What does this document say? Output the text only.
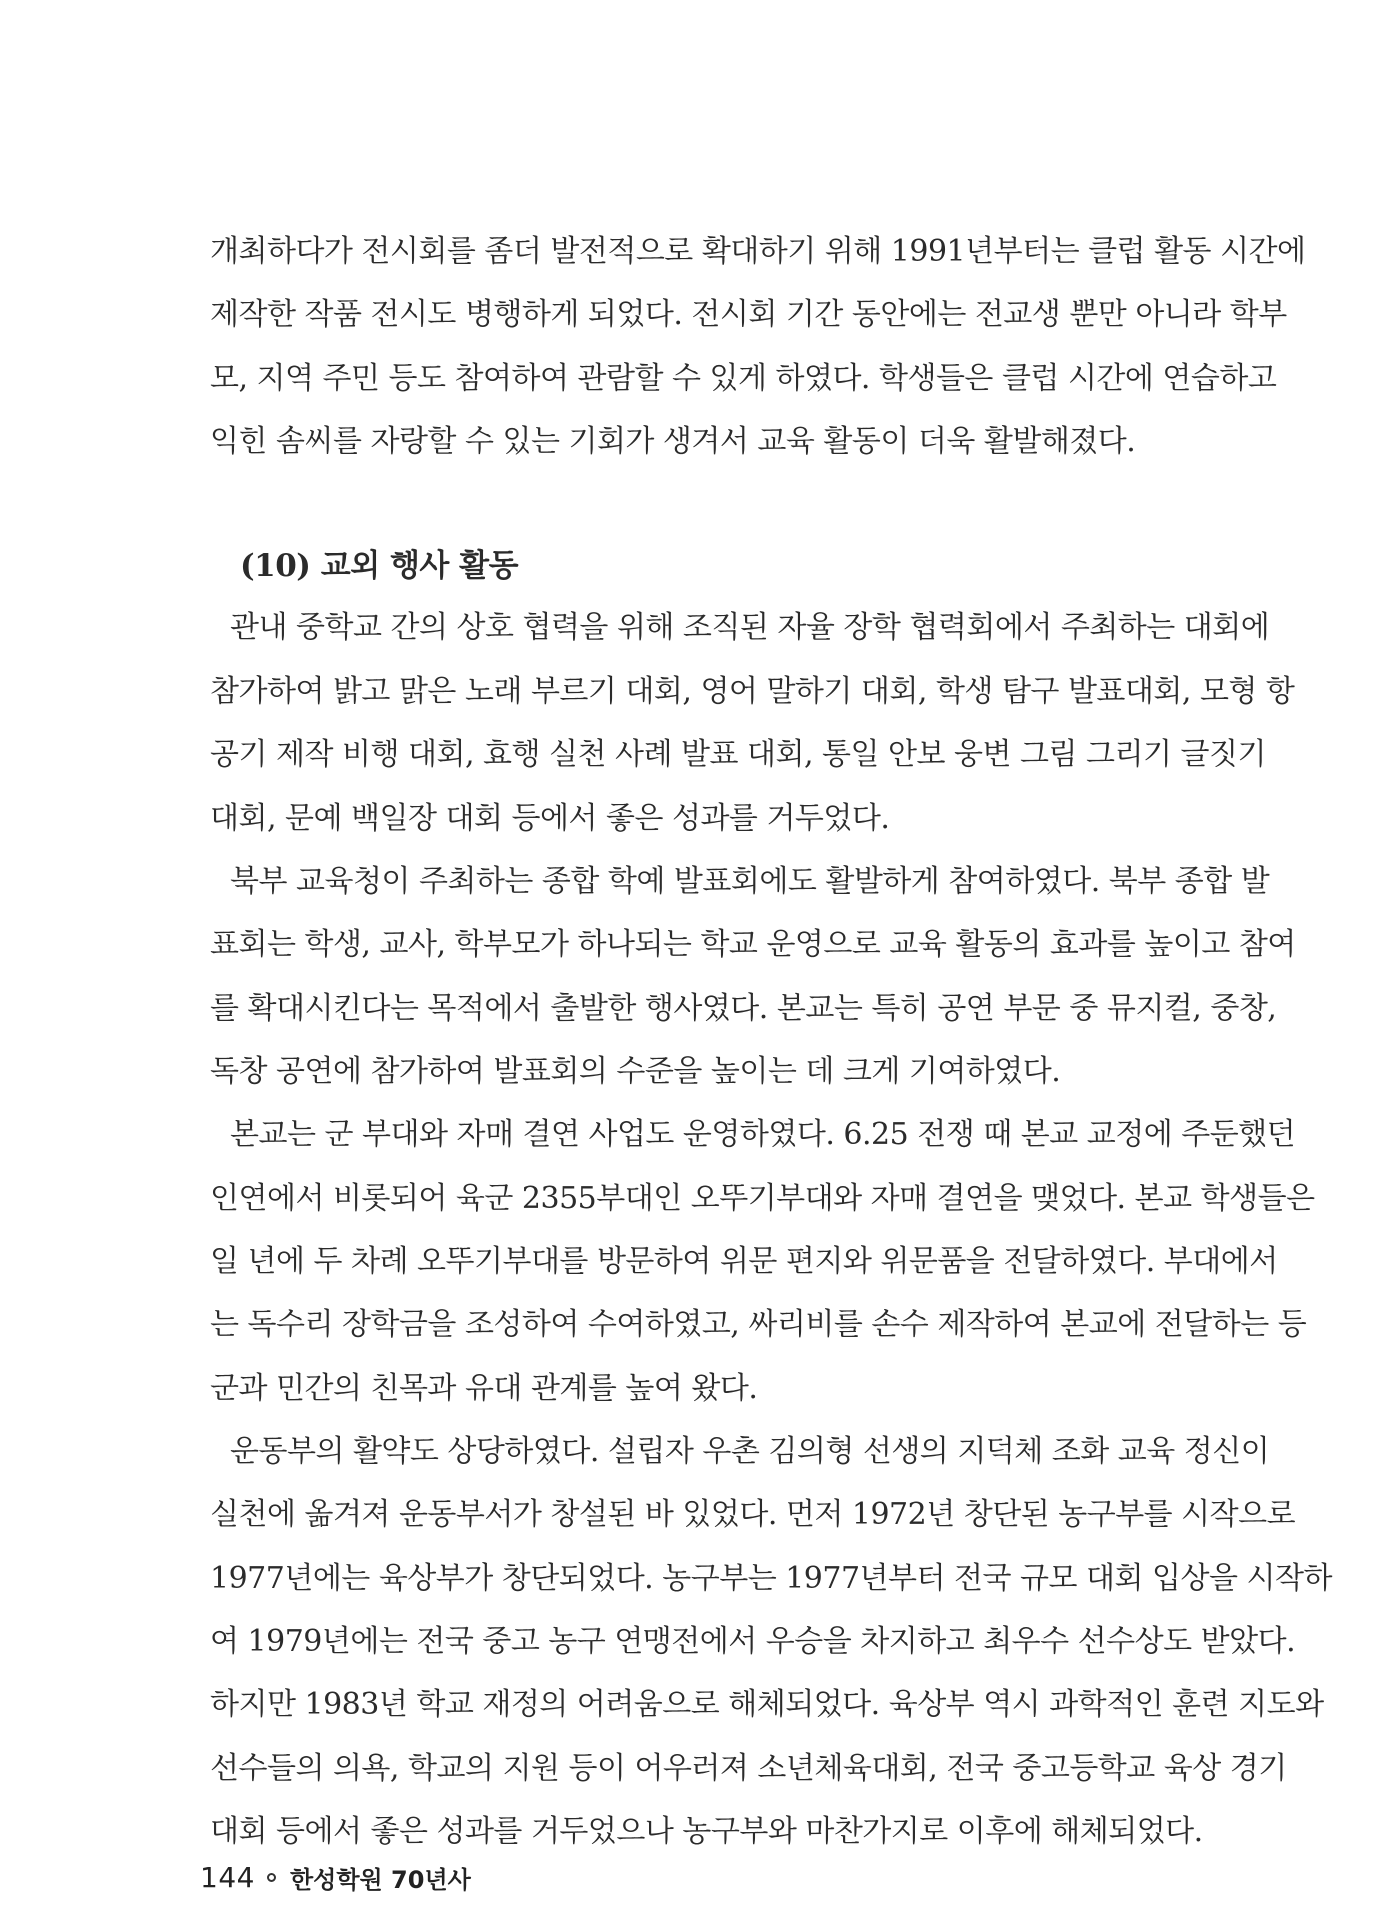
개최하다가 전시회를 좀더 발전적으로 확대하기 위해 1991년부터는 클럽 활동 시간에
제작한 작품 전시도 병행하게 되었다. 전시회 기간 동안에는 전교생 뿐만 아니라 학부
모, 지역 주민 등도 참여하여 관람할 수 있게 하였다. 학생들은 클럽 시간에 연습하고
익힌 솜씨를 자랑할 수 있는 기회가 생겨서 교육 활동이 더욱 활발해졌다.
(10) 교외 행사 활동
관내 중학교 간의 상호 협력을 위해 조직된 자율 장학 협력회에서 주최하는 대회에
참가하여 밝고 맑은 노래 부르기 대회, 영어 말하기 대회, 학생 탐구 발표대회, 모형 항
공기 제작 비행 대회, 효행 실천 사례 발표 대회, 통일 안보 웅변 그림 그리기 글짓기
대회, 문예 백일장 대회 등에서 좋은 성과를 거두었다.
북부 교육청이 주최하는 종합 학예 발표회에도 활발하게 참여하였다. 북부 종합 발
표회는 학생, 교사, 학부모가 하나되는 학교 운영으로 교육 활동의 효과를 높이고 참여
를 확대시킨다는 목적에서 출발한 행사였다. 본교는 특히 공연 부문 중 뮤지컬, 중창,
독창 공연에 참가하여 발표회의 수준을 높이는 데 크게 기여하였다.
본교는 군 부대와 자매 결연 사업도 운영하였다. 6.25 전쟁 때 본교 교정에 주둔했던
인연에서 비롯되어 육군 2355부대인 오뚜기부대와 자매 결연을 맺었다. 본교 학생들은
일 년에 두 차례 오뚜기부대를 방문하여 위문 편지와 위문품을 전달하였다. 부대에서
는 독수리 장학금을 조성하여 수여하였고, 싸리비를 손수 제작하여 본교에 전달하는 등
군과 민간의 친목과 유대 관계를 높여 왔다.
운동부의 활약도 상당하였다. 설립자 우촌 김의형 선생의 지덕체 조화 교육 정신이
실천에 옮겨져 운동부서가 창설된 바 있었다. 먼저 1972년 창단된 농구부를 시작으로
1977년에는 육상부가 창단되었다. 농구부는 1977년부터 전국 규모 대회 입상을 시작하
여 1979년에는 전국 중고 농구 연맹전에서 우승을 차지하고 최우수 선수상도 받았다.
하지만 1983년 학교 재정의 어려움으로 해체되었다. 육상부 역시 과학적인 훈련 지도와
선수들의 의욕, 학교의 지원 등이 어우러져 소년체육대회, 전국 중고등학교 육상 경기
대회 등에서 좋은 성과를 거두었으나 농구부와 마찬가지로 이후에 해체되었다.
144 한성학원 70년사
